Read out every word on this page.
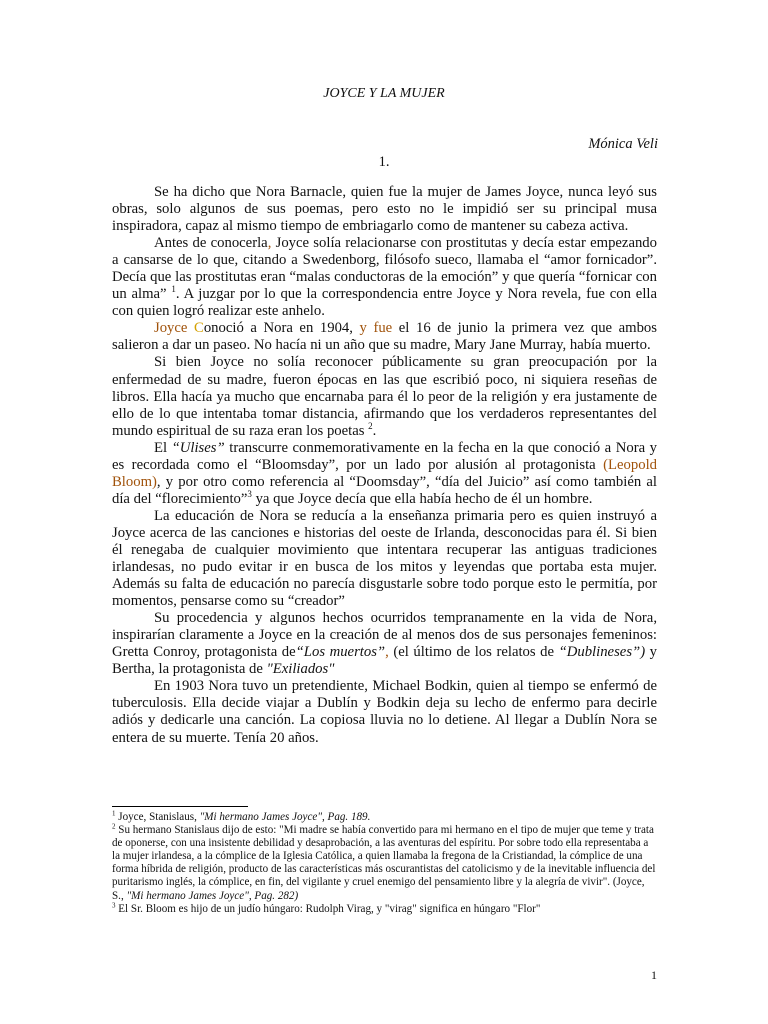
JOYCE Y LA MUJER
Mónica Veli
1.

Se ha dicho que Nora Barnacle, quien fue la mujer de James Joyce, nunca leyó sus obras, solo algunos de sus poemas, pero esto no le impidió ser su principal musa inspiradora, capaz al mismo tiempo de embriagarlo como de mantener su cabeza activa.

Antes de conocerla, Joyce solía relacionarse con prostitutas y decía estar empezando a cansarse de lo que, citando a Swedenborg, filósofo sueco, llamaba el “amor fornicador”. Decía que las prostitutas eran “malas conductoras de la emoción” y que quería “fornicar con un alma” $^1$. A juzgar por lo que la correspondencia entre Joyce y Nora revela, fue con ella con quien logró realizar este anhelo.

Joyce Conoció a Nora en 1904, y fue el 16 de junio la primera vez que ambos salieron a dar un paseo. No hacía ni un año que su madre, Mary Jane Murray, había muerto.

Si bien Joyce no solía reconocer públicamente su gran preocupación por la enfermedad de su madre, fueron épocas en las que escribió poco, ni siquiera reseñas de libros. Ella hacía ya mucho que encarnaba para él lo peor de la religión y era justamente de ello de lo que intentaba tomar distancia, afirmando que los verdaderos representantes del mundo espiritual de su raza eran los poetas $^2$.

El “Ulises” transcurre conmemorativamente en la fecha en la que conoció a Nora y es recordada como el “Bloomsday”, por un lado por alusión al protagonista (Leopold Bloom), y por otro como referencia al “Doomsday”, “día del Juicio” así como también al día del “florecimiento”$^3$ ya que Joyce decía que ella había hecho de él un hombre.

La educación de Nora se reducía a la enseñanza primaria pero es quien instruyó a Joyce acerca de las canciones e historias del oeste de Irlanda, desconocidas para él. Si bien él renegaba de cualquier movimiento que intentara recuperar las antiguas tradiciones irlandesas, no pudo evitar ir en busca de los mitos y leyendas que portaba esta mujer. Además su falta de educación no parecía disgustarle sobre todo porque esto le permitía, por momentos, pensarse como su “creador”

Su procedencia y algunos hechos ocurridos tempranamente en la vida de Nora, inspirarían claramente a Joyce en la creación de al menos dos de sus personajes femeninos: Gretta Conroy, protagonista de“Los muertos”, (el último de los relatos de “Dublineses”) y Bertha, la protagonista de "Exiliados"

En 1903 Nora tuvo un pretendiente, Michael Bodkin, quien al tiempo se enfermó de tuberculosis. Ella decide viajar a Dublín y Bodkin deja su lecho de enfermo para decirle adiós y dedicarle una canción. La copiosa lluvia no lo detiene. Al llegar a Dublín Nora se entera de su muerte. Tenía 20 años.

$^1$ Joyce, Stanislaus, "Mi hermano James Joyce", Pag. 189.

$^2$ Su hermano Stanislaus dijo de esto: "Mi madre se había convertido para mi hermano en el tipo de mujer que teme y trata de oponerse, con una insistente debilidad y desaprobación, a las aventuras del espíritu. Por sobre todo ella representaba a la mujer irlandesa, a la cómplice de la Iglesia Católica, a quien llamaba la fregona de la Cristiandad, la cómplice de una forma híbrida de religión, producto de las características más oscurantistas del catolicismo y de la inevitable influencia del puritarismo inglés, la cómplice, en fin, del vigilante y cruel enemigo del pensamiento libre y la alegría de vivir". (Joyce, S., "Mi hermano James Joyce", Pag. 282)

$^3$ El Sr. Bloom es hijo de un judío húngaro: Rudolph Virag, y "virag" significa en húngaro "Flor"

1
